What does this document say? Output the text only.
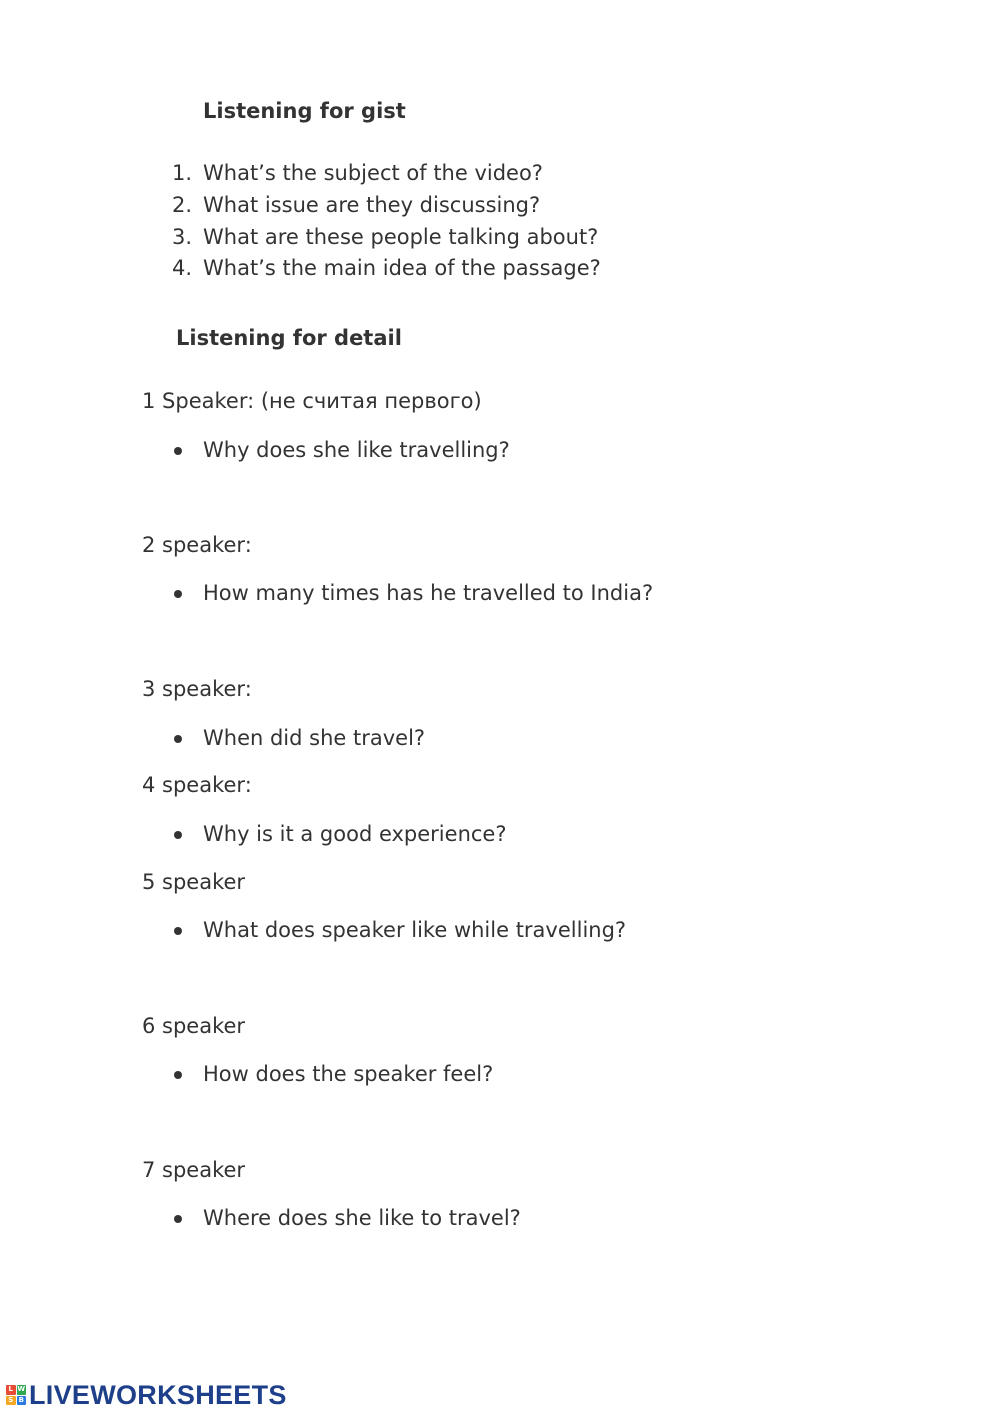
Listening for gist
1. What’s the subject of the video?
2. What issue are they discussing?
3. What are these people talking about?
4. What’s the main idea of the passage?
Listening for detail
1 Speaker: (не считая первого)
Why does she like travelling?
2 speaker:
How many times has he travelled to India?
3 speaker:
When did she travel?
4 speaker:
Why is it a good experience?
5 speaker
What does speaker like while travelling?
6 speaker
How does the speaker feel?
7 speaker
Where does she like to travel?
L W
S B LIVEWORKSHEETS
